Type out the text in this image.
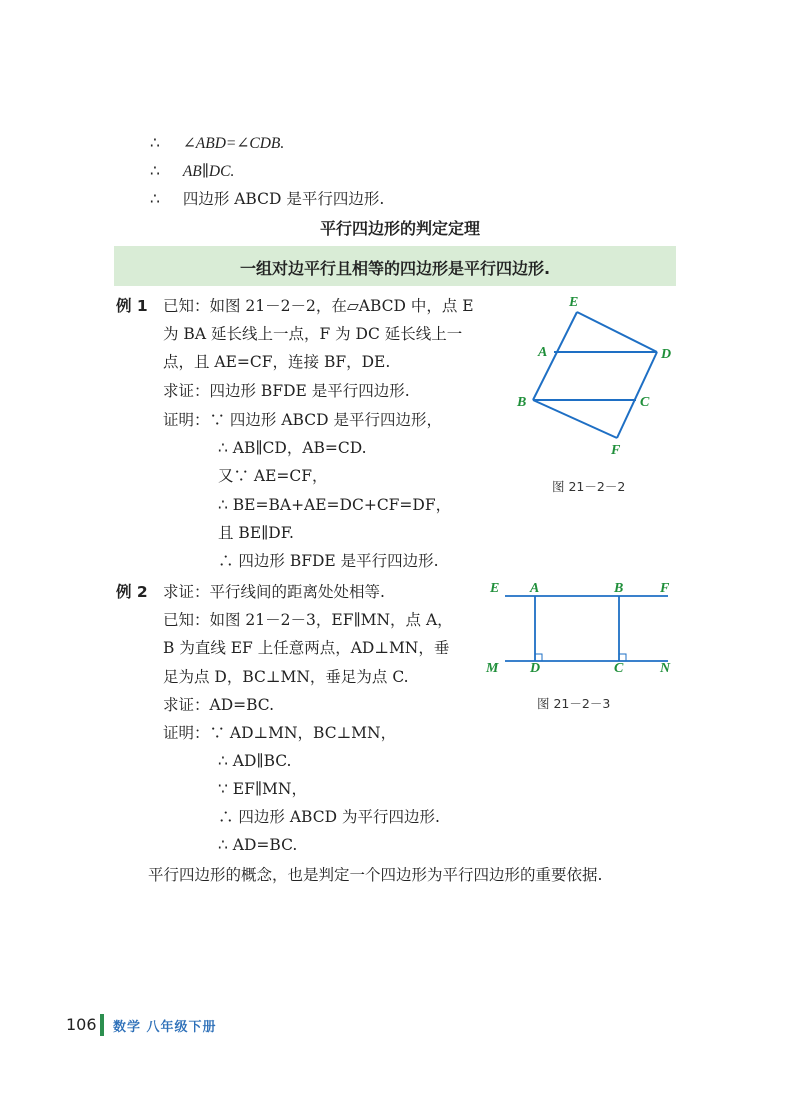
∴ ∠ABD=∠CDB.
∴ AB∥DC.
∴ 四边形 ABCD 是平行四边形.
平行四边形的判定定理
一组对边平行且相等的四边形是平行四边形.
例 1 已知：如图 21－2－2，在▱ABCD 中，点 E
为 BA 延长线上一点，F 为 DC 延长线上一
点，且 AE=CF，连接 BF，DE.
求证：四边形 BFDE 是平行四边形.
证明：∵ 四边形 ABCD 是平行四边形，
∴ AB∥CD，AB=CD.
又∵ AE=CF，
∴ BE=BA+AE=DC+CF=DF，
且 BE∥DF.
∴ 四边形 BFDE 是平行四边形.
E
A	D
B	C
F
图 21－2－2
例 2 求证：平行线间的距离处处相等.
已知：如图 21－2－3，EF∥MN，点 A，
B 为直线 EF 上任意两点，AD⊥MN，垂
足为点 D，BC⊥MN，垂足为点 C.
求证：AD=BC.
证明：∵ AD⊥MN，BC⊥MN，
∴ AD∥BC.
∵ EF∥MN，
∴ 四边形 ABCD 为平行四边形.
∴ AD=BC.
E A	B	F
M D	C	N
图 21－2－3
平行四边形的概念，也是判定一个四边形为平行四边形的重要依据.
106 数学 八年级下册
